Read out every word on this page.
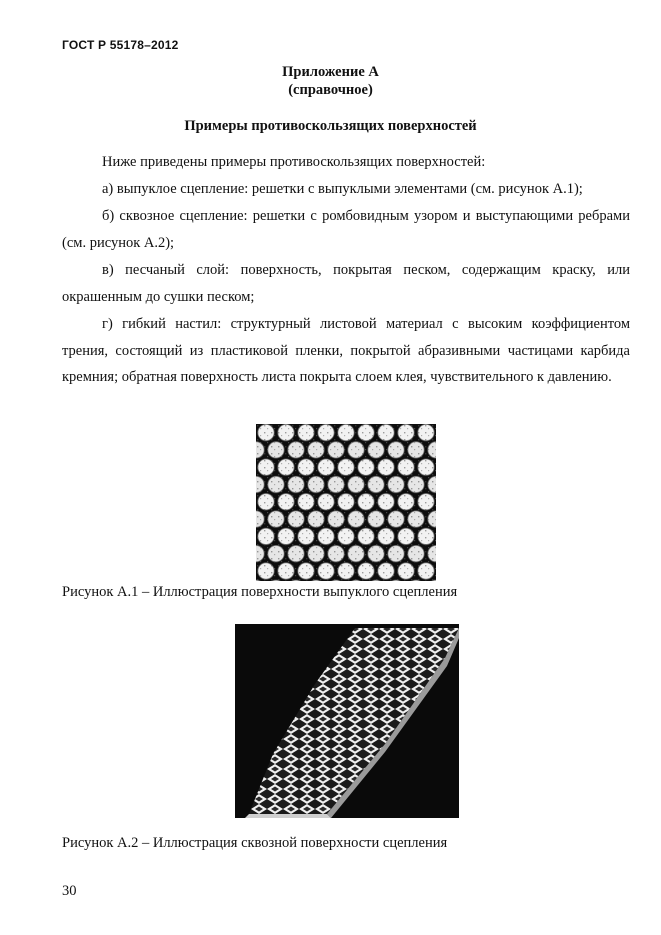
ГОСТ Р 55178–2012
Приложение А
(справочное)
Примеры противоскользящих поверхностей
Ниже приведены примеры противоскользящих поверхностей:
а) выпуклое сцепление: решетки с выпуклыми элементами (см. рисунок А.1);
б) сквозное сцепление: решетки с ромбовидным узором и выступающими ребрами (см. рисунок А.2);
в) песчаный слой: поверхность, покрытая песком, содержащим краску, или окрашенным до сушки песком;
г) гибкий настил: структурный листовой материал с высоким коэффициентом трения, состоящий из пластиковой пленки, покрытой абразивными частицами карбида кремния; обратная поверхность листа покрыта слоем клея, чувствительного к давлению.
Рисунок А.1 – Иллюстрация поверхности выпуклого сцепления
Рисунок А.2 – Иллюстрация сквозной поверхности сцепления
30
